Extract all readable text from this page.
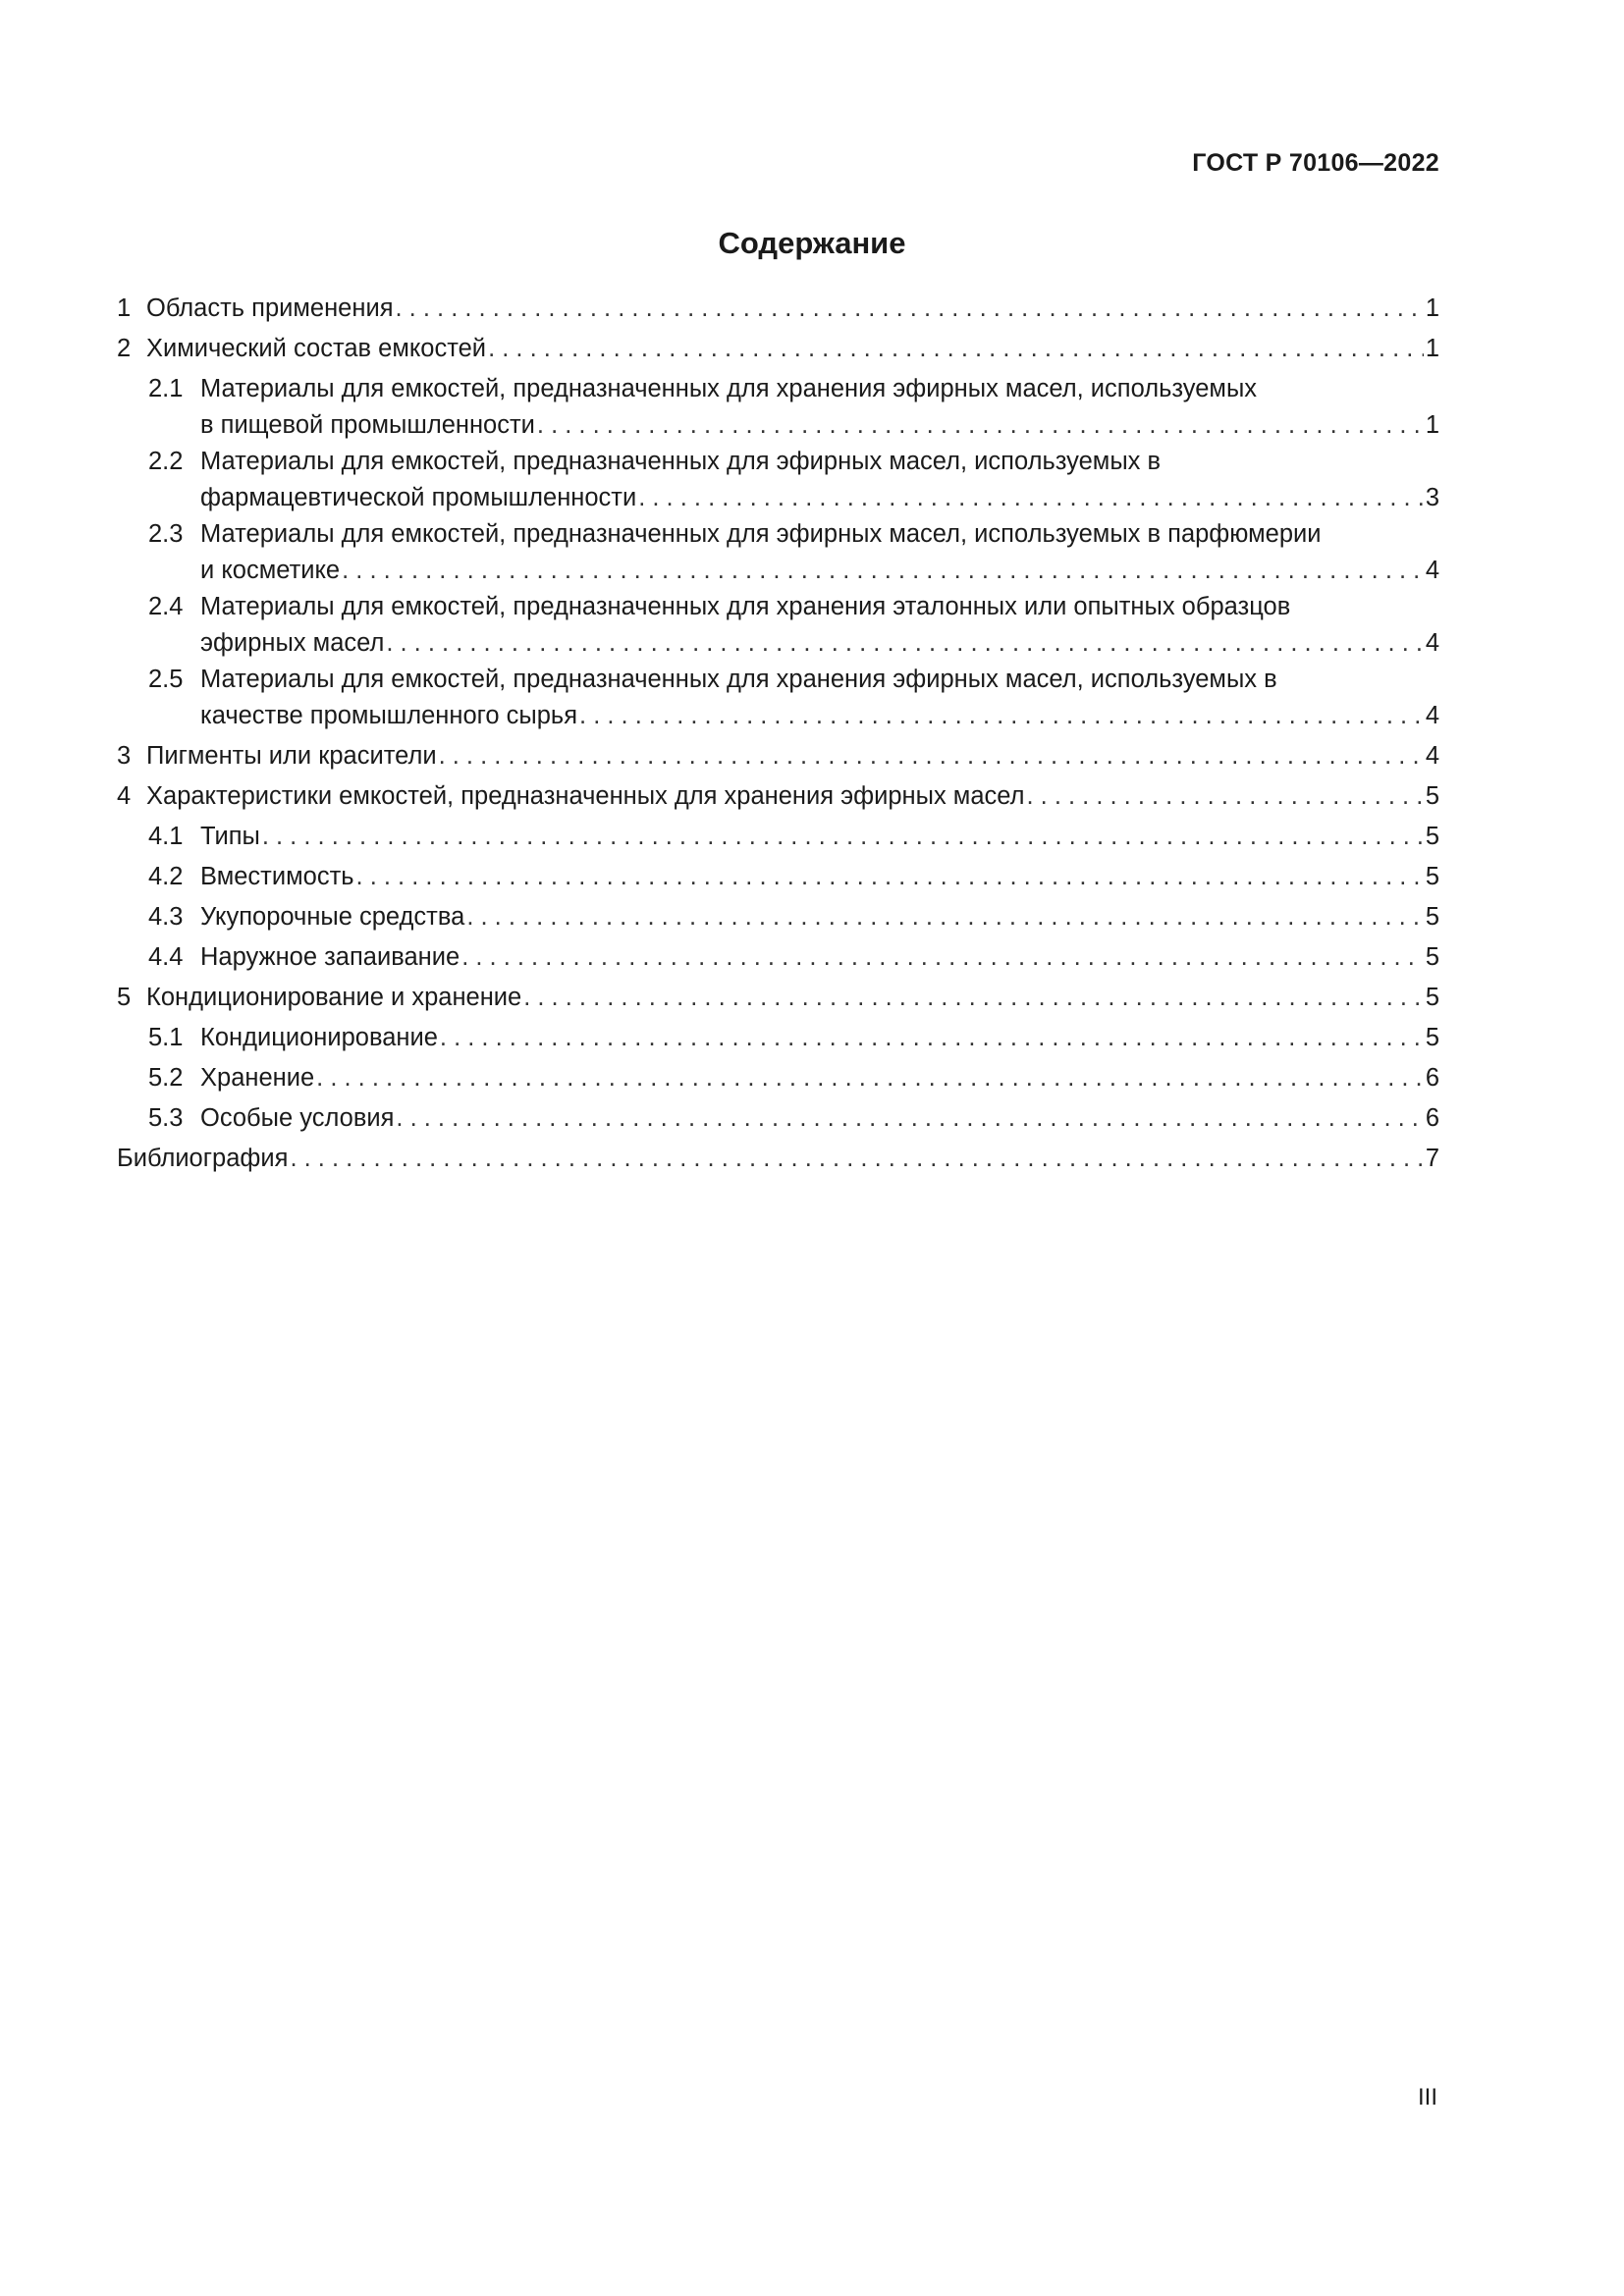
ГОСТ Р 70106—2022
Содержание
1 Область применения . . .	1
2 Химический состав емкостей . . .	1
2.1 Материалы для емкостей, предназначенных для хранения эфирных масел, используемых
в пищевой промышленности . . .	1
2.2 Материалы для емкостей, предназначенных для эфирных масел, используемых в
фармацевтической промышленности . . .	3
2.3 Материалы для емкостей, предназначенных для эфирных масел, используемых в парфюмерии
и косметике . . .	4
2.4 Материалы для емкостей, предназначенных для хранения эталонных или опытных образцов
эфирных масел . . .	4
2.5 Материалы для емкостей, предназначенных для хранения эфирных масел, используемых в
качестве промышленного сырья . . .	4
3 Пигменты или красители . . .	4
4 Характеристики емкостей, предназначенных для хранения эфирных масел . . .	5
4.1 Типы . . .	5
4.2 Вместимость . . .	5
4.3 Укупорочные средства . . .	5
4.4 Наружное запаивание . . .	5
5 Кондиционирование и хранение . . .	5
5.1 Кондиционирование . . .	5
5.2 Хранение . . .	6
5.3 Особые условия . . .	6
Библиография . . .	7
III
